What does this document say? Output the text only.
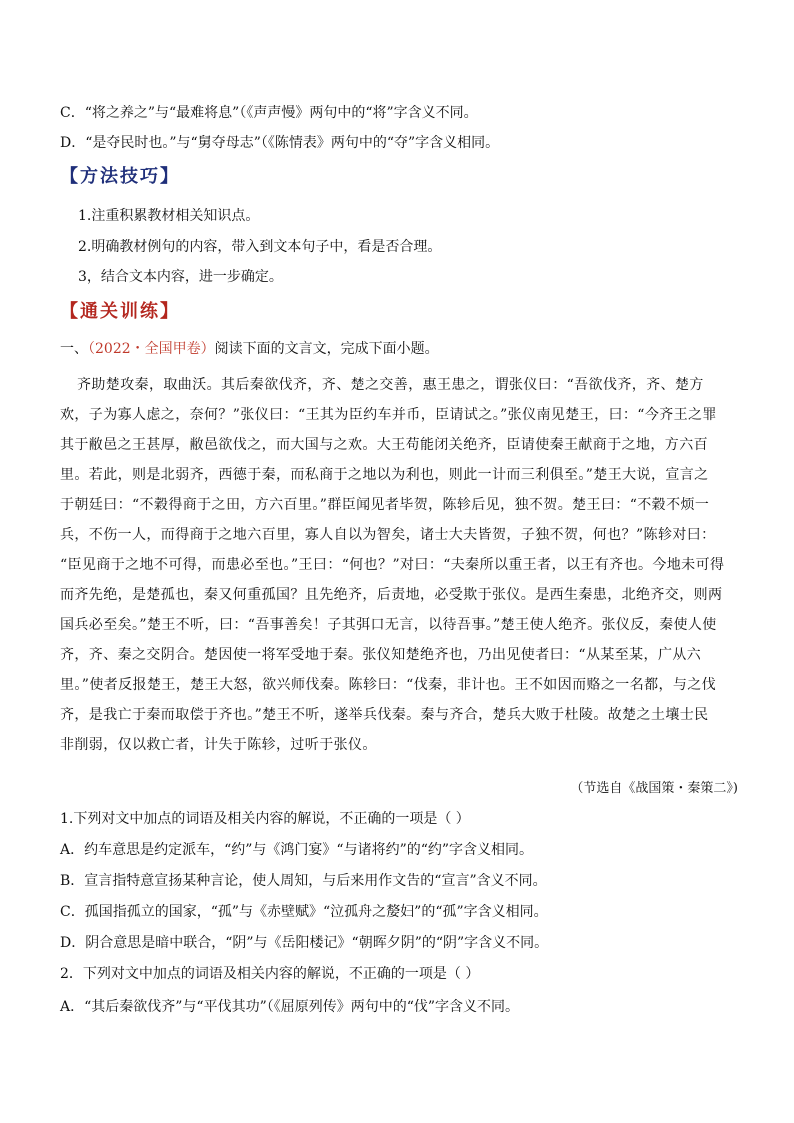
C．“将之养之”与“最难将息”（《声声慢》两句中的“将”字含义不同。
D．“是夺民时也。”与“舅夺母志”（《陈情表》两句中的“夺”字含义相同。
【方法技巧】
1.注重积累教材相关知识点。
2.明确教材例句的内容，带入到文本句子中，看是否合理。
3，结合文本内容，进一步确定。
【通关训练】
一、（2022・全国甲卷）阅读下面的文言文，完成下面小题。
齐助楚攻秦，取曲沃。其后秦欲伐齐，齐、楚之交善，惠王患之，谓张仪曰：“吾欲伐齐，齐、楚方
欢，子为寡人虑之，奈何？”张仪曰：“王其为臣约车并币，臣请试之。”张仪南见楚王，曰：“今齐王之罪
其于敝邑之王甚厚，敝邑欲伐之，而大国与之欢。大王苟能闭关绝齐，臣请使秦王献商于之地，方六百
里。若此，则是北弱齐，西德于秦，而私商于之地以为利也，则此一计而三利俱至。”楚王大说，宣言之
于朝廷曰：“不穀得商于之田，方六百里。”群臣闻见者毕贺，陈轸后见，独不贺。楚王曰：“不穀不烦一
兵，不伤一人，而得商于之地六百里，寡人自以为智矣，诸士大夫皆贺，子独不贺，何也？”陈轸对曰：
“臣见商于之地不可得，而患必至也。”王曰：“何也？”对曰：“夫秦所以重王者，以王有齐也。今地未可得
而齐先绝，是楚孤也，秦又何重孤国？且先绝齐，后责地，必受欺于张仪。是西生秦患，北绝齐交，则两
国兵必至矣。”楚王不听，曰：“吾事善矣！子其弭口无言，以待吾事。”楚王使人绝齐。张仪反，秦使人使
齐，齐、秦之交阴合。楚因使一将军受地于秦。张仪知楚绝齐也，乃出见使者曰：“从某至某，广从六
里。”使者反报楚王，楚王大怒，欲兴师伐秦。陈轸曰：“伐秦，非计也。王不如因而赂之一名都，与之伐
齐，是我亡于秦而取偿于齐也。”楚王不听，遂举兵伐秦。秦与齐合，楚兵大败于杜陵。故楚之土壤士民
非削弱，仅以救亡者，计失于陈轸，过听于张仪。
（节选自《战国策・秦策二》)
1.下列对文中加点的词语及相关内容的解说，不正确的一项是（ ）
A．约车意思是约定派车，“约”与《鸿门宴》“与诸将约”的“约”字含义相同。
B．宣言指特意宣扬某种言论，使人周知，与后来用作文告的“宣言”含义不同。
C．孤国指孤立的国家，“孤”与《赤壁赋》“泣孤舟之嫠妇”的“孤”字含义相同。
D．阴合意思是暗中联合，“阴”与《岳阳楼记》“朝晖夕阴”的“阴”字含义不同。
2．下列对文中加点的词语及相关内容的解说，不正确的一项是（ ）
A．“其后秦欲伐齐”与“平伐其功”（《屈原列传》两句中的“伐”字含义不同。
